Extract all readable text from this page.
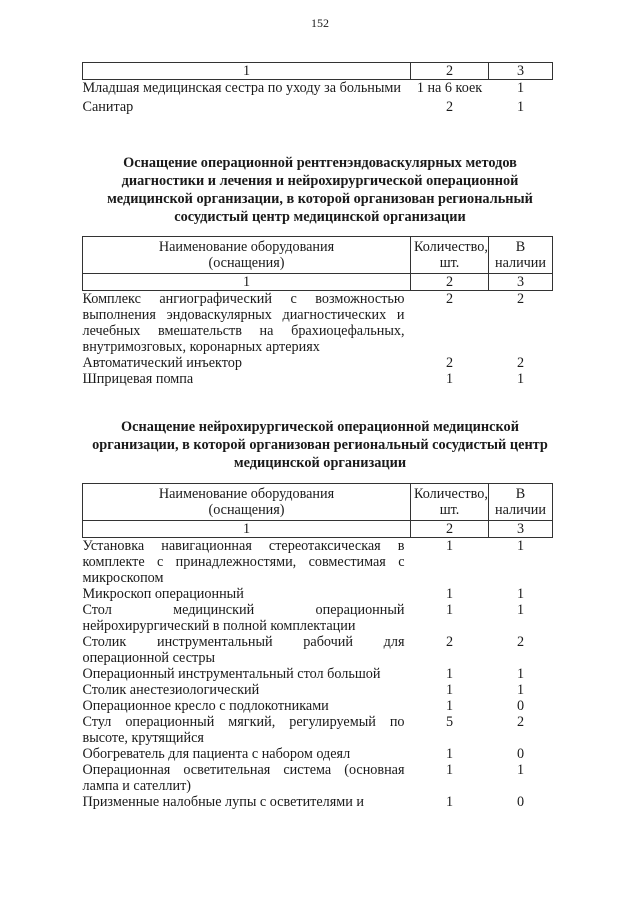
152
1	2	3
Младшая медицинская сестра по уходу за больными	1 на 6 коек	1
Санитар	2	1
Оснащение операционной рентгенэндоваскулярных методов
диагностики и лечения и нейрохирургической операционной
медицинской организации, в которой организован региональный
сосудистый центр медицинской организации
Наименование оборудования (оснащения)	Количество, шт.	В наличии
1	2	3
Комплекс ангиографический с возможностью выполнения эндоваскулярных диагностических и лечебных вмешательств на брахиоцефальных, внутримозговых, коронарных артериях	2	2
Автоматический инъектор	2	2
Шприцевая помпа	1	1
Оснащение нейрохирургической операционной медицинской
организации, в которой организован региональный сосудистый центр
медицинской организации
Наименование оборудования (оснащения)	Количество, шт.	В наличии
1	2	3
Установка навигационная стереотаксическая в комплекте с принадлежностями, совместимая с микроскопом	1	1
Микроскоп операционный	1	1
Стол медицинский операционный нейрохирургический в полной комплектации	1	1
Столик инструментальный рабочий для операционной сестры	2	2
Операционный инструментальный стол большой	1	1
Столик анестезиологический	1	1
Операционное кресло с подлокотниками	1	0
Стул операционный мягкий, регулируемый по высоте, крутящийся	5	2
Обогреватель для пациента с набором одеял	1	0
Операционная осветительная система (основная лампа и сателлит)	1	1
Призменные налобные лупы с осветителями и	1	0
